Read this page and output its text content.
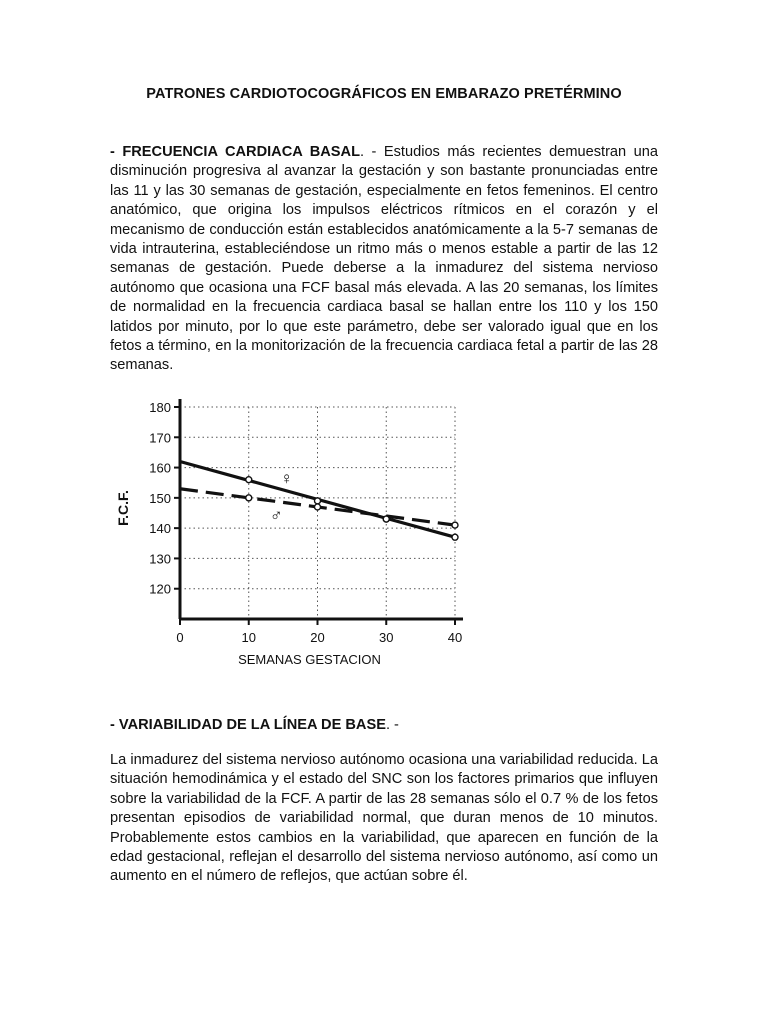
PATRONES CARDIOTOCOGRÁFICOS EN EMBARAZO PRETÉRMINO

- FRECUENCIA CARDIACA BASAL. - Estudios más recientes demuestran una disminución progresiva al avanzar la gestación y son bastante pronunciadas entre las 11 y las 30 semanas de gestación, especialmente en fetos femeninos. El centro anatómico, que origina los impulsos eléctricos rítmicos en el corazón y el mecanismo de conducción están establecidos anatómicamente a la 5-7 semanas de vida intrauterina, estableciéndose un ritmo más o menos estable a partir de las 12 semanas de gestación. Puede deberse a la inmadurez del sistema nervioso autónomo que ocasiona una FCF basal más elevada. A las 20 semanas, los límites de normalidad en la frecuencia cardiaca basal se hallan entre los 110 y los 150 latidos por minuto, por lo que este parámetro, debe ser valorado igual que en los fetos a término, en la monitorización de la frecuencia cardiaca fetal a partir de las 28 semanas.

120
130
140
150
160
170
180
0	10	20	30	40
♀
♂
SEMANAS GESTACION
F.C.F.

- VARIABILIDAD DE LA LÍNEA DE BASE. -

La inmadurez del sistema nervioso autónomo ocasiona una variabilidad reducida. La situación hemodinámica y el estado del SNC son los factores primarios que influyen sobre la variabilidad de la FCF. A partir de las 28 semanas sólo el 0.7 % de los fetos presentan episodios de variabilidad normal, que duran menos de 10 minutos. Probablemente estos cambios en la variabilidad, que aparecen en función de la edad gestacional, reflejan el desarrollo del sistema nervioso autónomo, así como un aumento en el número de reflejos, que actúan sobre él.
